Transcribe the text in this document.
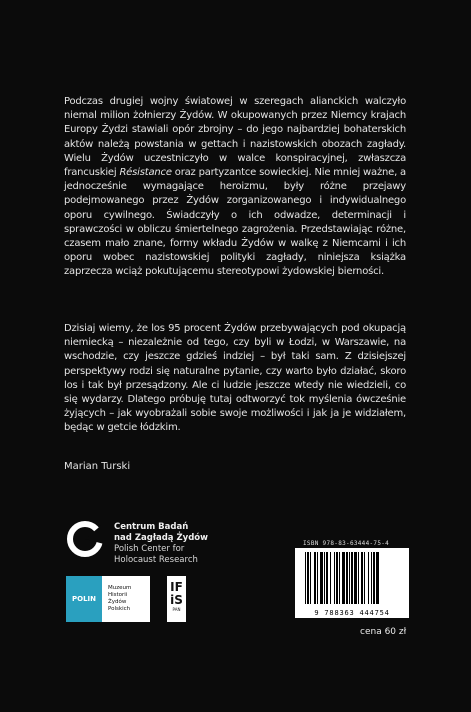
Podczas drugiej wojny światowej w szeregach alianckich walczyło niemal milion żołnierzy Żydów. W okupowanych przez Niemcy krajach Europy Żydzi stawiali opór zbrojny – do jego najbardziej bohaterskich aktów należą powstania w gettach i nazistowskich obozach zagłady. Wielu Żydów uczestniczyło w walce konspiracyjnej, zwłaszcza francuskiej Résistance oraz partyzantce sowieckiej. Nie mniej ważne, a jednocześnie wymagające heroizmu, były różne przejawy podejmowanego przez Żydów zorganizowanego i indywidualnego oporu cywilnego. Świadczyły o ich odwadze, determinacji i sprawczości w obliczu śmiertelnego zagrożenia. Przedstawiając różne, czasem mało znane, formy wkładu Żydów w walkę z Niemcami i ich oporu wobec nazistowskiej polityki zagłady, niniejsza książka zaprzecza wciąż pokutującemu stereotypowi żydowskiej bierności.

Dzisiaj wiemy, że los 95 procent Żydów przebywających pod okupacją niemiecką – niezależnie od tego, czy byli w Łodzi, w Warszawie, na wschodzie, czy jeszcze gdzieś indziej – był taki sam. Z dzisiejszej perspektywy rodzi się naturalne pytanie, czy warto było działać, skoro los i tak był przesądzony. Ale ci ludzie jeszcze wtedy nie wiedzieli, co się wydarzy. Dlatego próbuję tutaj odtworzyć tok myślenia ówcześnie żyjących – jak wyobrażali sobie swoje możliwości i jak ja je widziałem, będąc w getcie łódzkim.

Marian Turski

Centrum Badań
nad Zagładą Żydów
Polish Center for
Holocaust Research
POLIN
Muzeum
Historii
Żydów
Polskich
IF
iS
PAN
ISBN 978-83-63444-75-4
9 788363 444754
cena 60 zł
